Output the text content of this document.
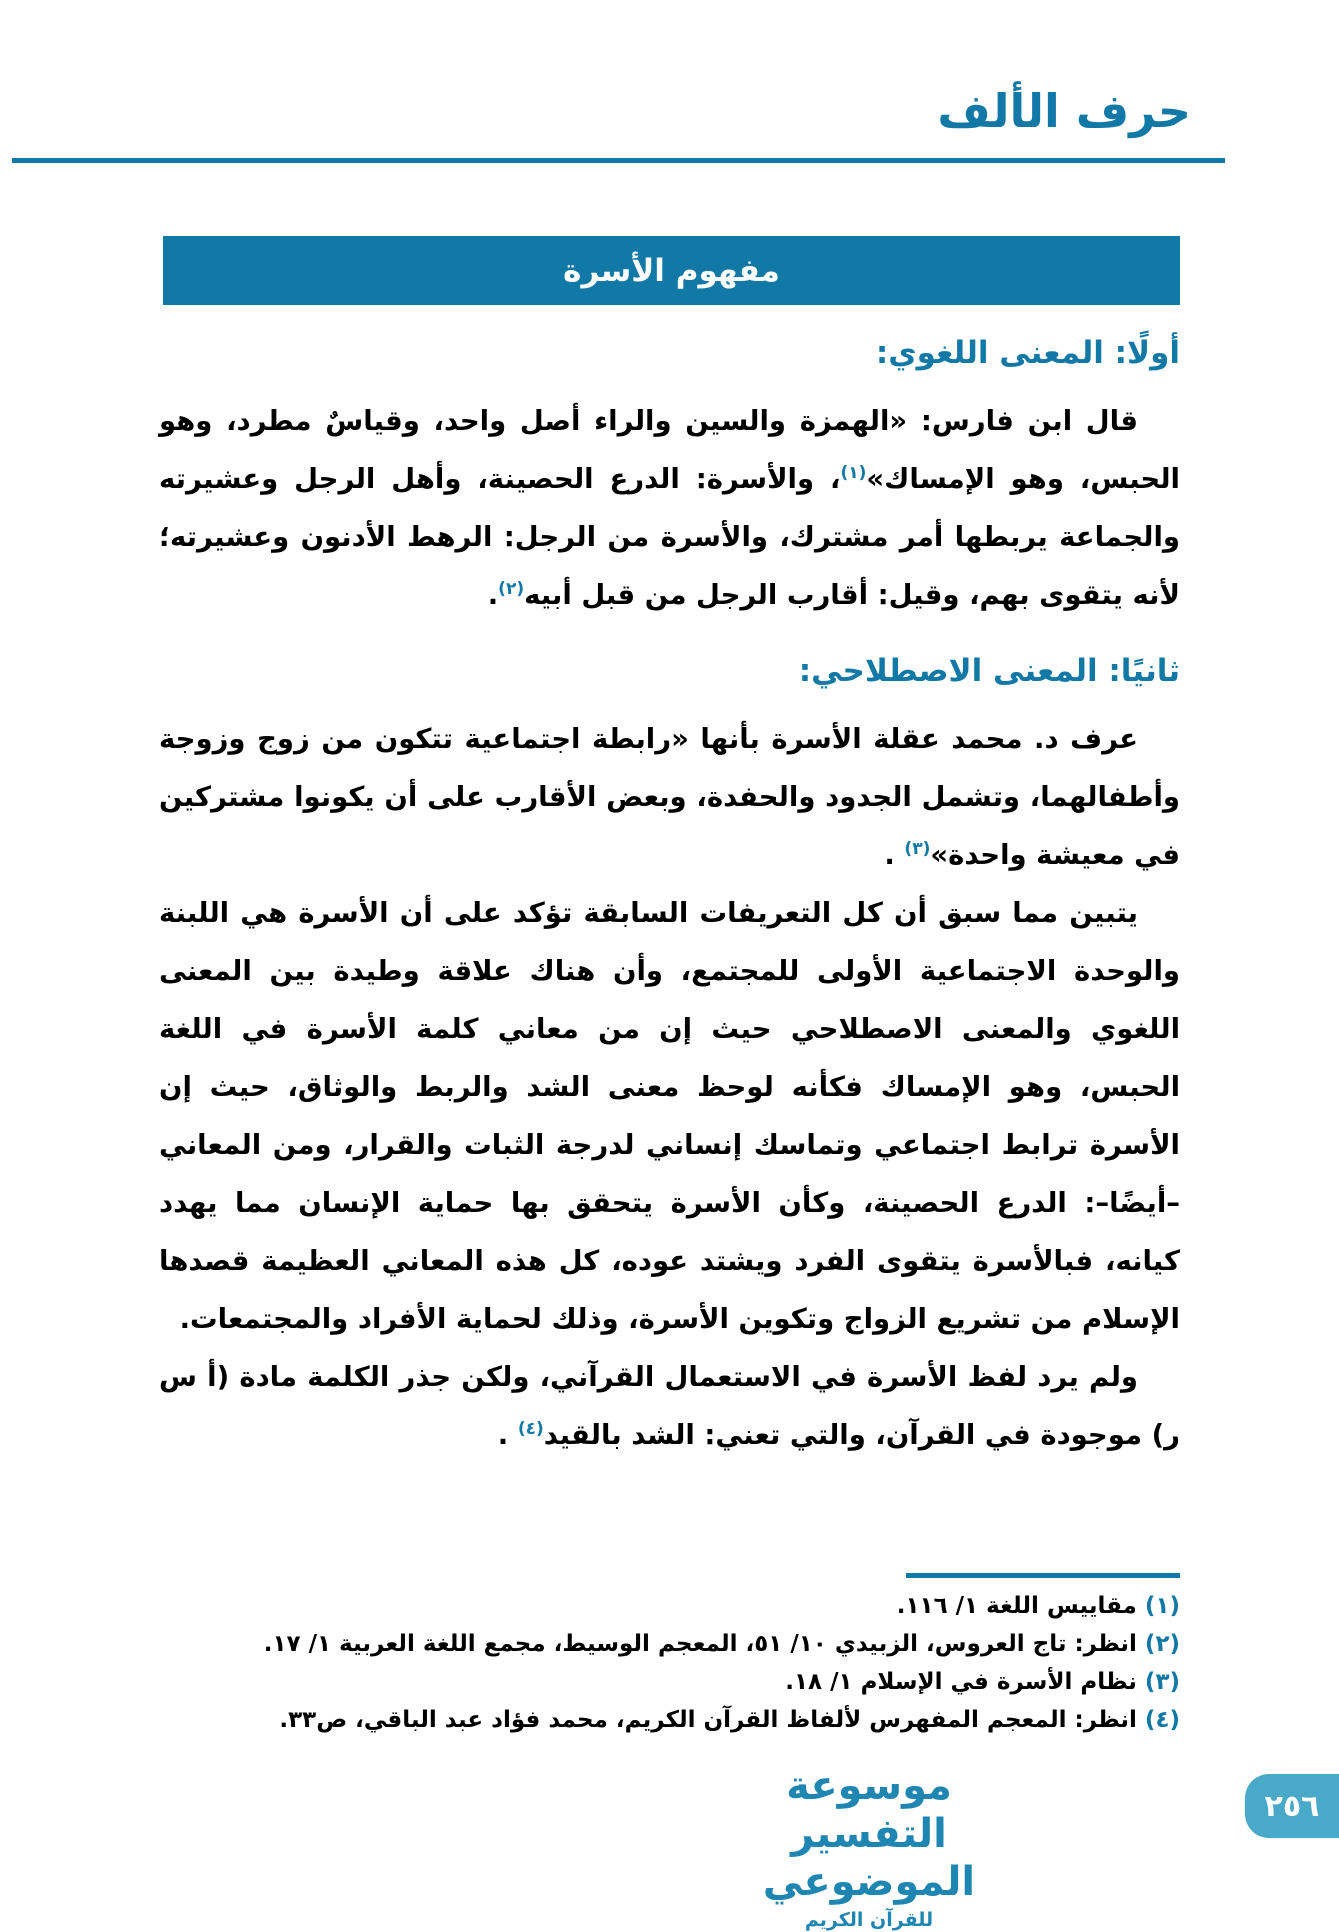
حرف الألف
مفهوم الأسرة
أولًا: المعنى اللغوي:

قال ابن فارس: «الهمزة والسين والراء أصل واحد، وقياسٌ مطرد، وهو الحبس، وهو الإمساك»$^{(١)}$، والأسرة: الدرع الحصينة، وأهل الرجل وعشيرته والجماعة يربطها أمر مشترك، والأسرة من الرجل: الرهط الأدنون وعشيرته؛ لأنه يتقوى بهم، وقيل: أقارب الرجل من قبل أبيه$^{(٢)}$.

ثانيًا: المعنى الاصطلاحي:

عرف د. محمد عقلة الأسرة بأنها «رابطة اجتماعية تتكون من زوج وزوجة وأطفالهما، وتشمل الجدود والحفدة، وبعض الأقارب على أن يكونوا مشتركين في معيشة واحدة»$^{(٣)}$ .

يتبين مما سبق أن كل التعريفات السابقة تؤكد على أن الأسرة هي اللبنة والوحدة الاجتماعية الأولى للمجتمع، وأن هناك علاقة وطيدة بين المعنى اللغوي والمعنى الاصطلاحي حيث إن من معاني كلمة الأسرة في اللغة الحبس، وهو الإمساك فكأنه لوحظ معنى الشد والربط والوثاق، حيث إن الأسرة ترابط اجتماعي وتماسك إنساني لدرجة الثبات والقرار، ومن المعاني –أيضًا–: الدرع الحصينة، وكأن الأسرة يتحقق بها حماية الإنسان مما يهدد كيانه، فبالأسرة يتقوى الفرد ويشتد عوده، كل هذه المعاني العظيمة قصدها الإسلام من تشريع الزواج وتكوين الأسرة، وذلك لحماية الأفراد والمجتمعات.

ولم يرد لفظ الأسرة في الاستعمال القرآني، ولكن جذر الكلمة مادة (أ س ر) موجودة في القرآن، والتي تعني: الشد بالقيد$^{(٤)}$ .

(١)مقاييس اللغة ١/ ١١٦.
(٢)انظر: تاج العروس، الزبيدي ١٠/ ٥١، المعجم الوسيط، مجمع اللغة العربية ١/ ١٧.
(٣)نظام الأسرة في الإسلام ١/ ١٨.
(٤)انظر: المعجم المفهرس لألفاظ القرآن الكريم، محمد فؤاد عبد الباقي، ص٣٣.
موسوعة التفسير الموضوعي
للقرآن الكريم
٢٥٦
